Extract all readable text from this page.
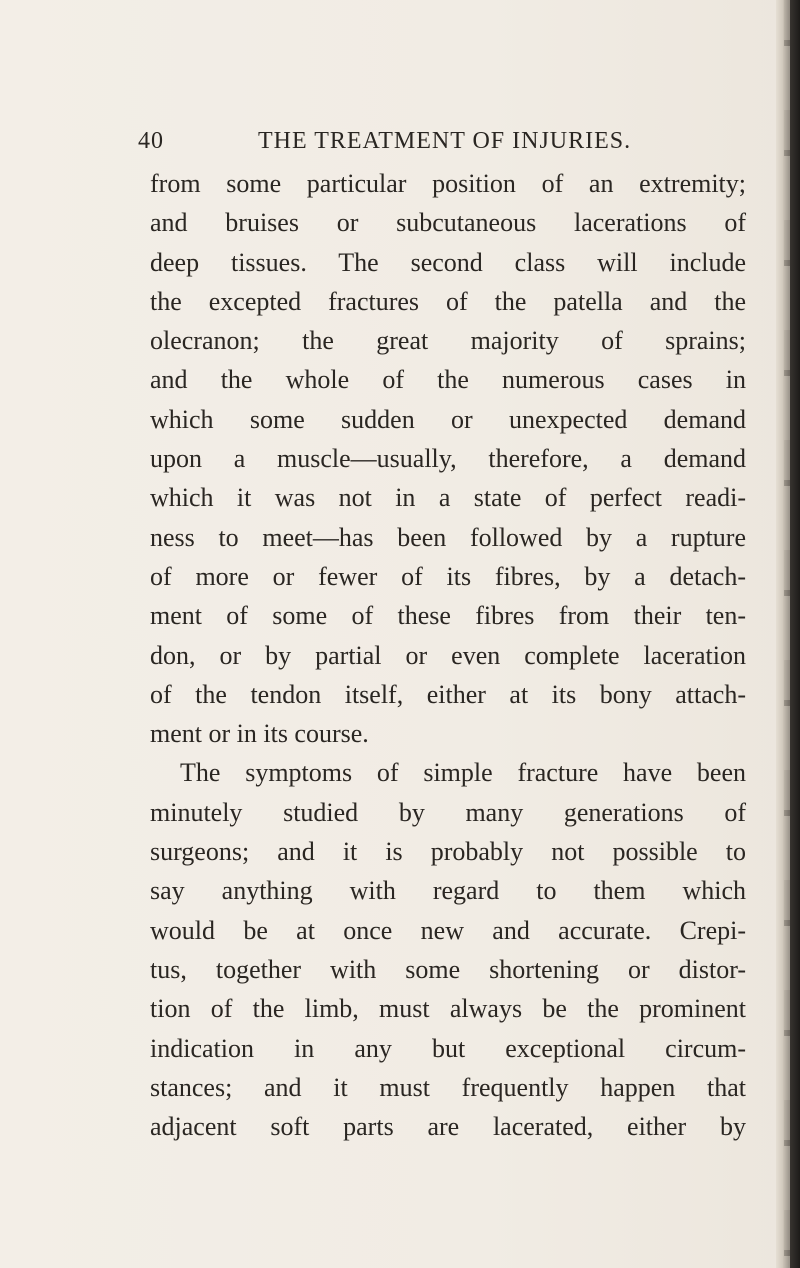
40	THE TREATMENT OF INJURIES.
from some particular position of an extremity;
and bruises or subcutaneous lacerations of
deep tissues. The second class will include
the excepted fractures of the patella and the
olecranon; the great majority of sprains;
and the whole of the numerous cases in
which some sudden or unexpected demand
upon a muscle—usually, therefore, a demand
which it was not in a state of perfect readi-
ness to meet—has been followed by a rupture
of more or fewer of its fibres, by a detach-
ment of some of these fibres from their ten-
don, or by partial or even complete laceration
of the tendon itself, either at its bony attach-
ment or in its course.
The symptoms of simple fracture have been
minutely studied by many generations of
surgeons; and it is probably not possible to
say anything with regard to them which
would be at once new and accurate. Crepi-
tus, together with some shortening or distor-
tion of the limb, must always be the prominent
indication in any but exceptional circum-
stances; and it must frequently happen that
adjacent soft parts are lacerated, either by
